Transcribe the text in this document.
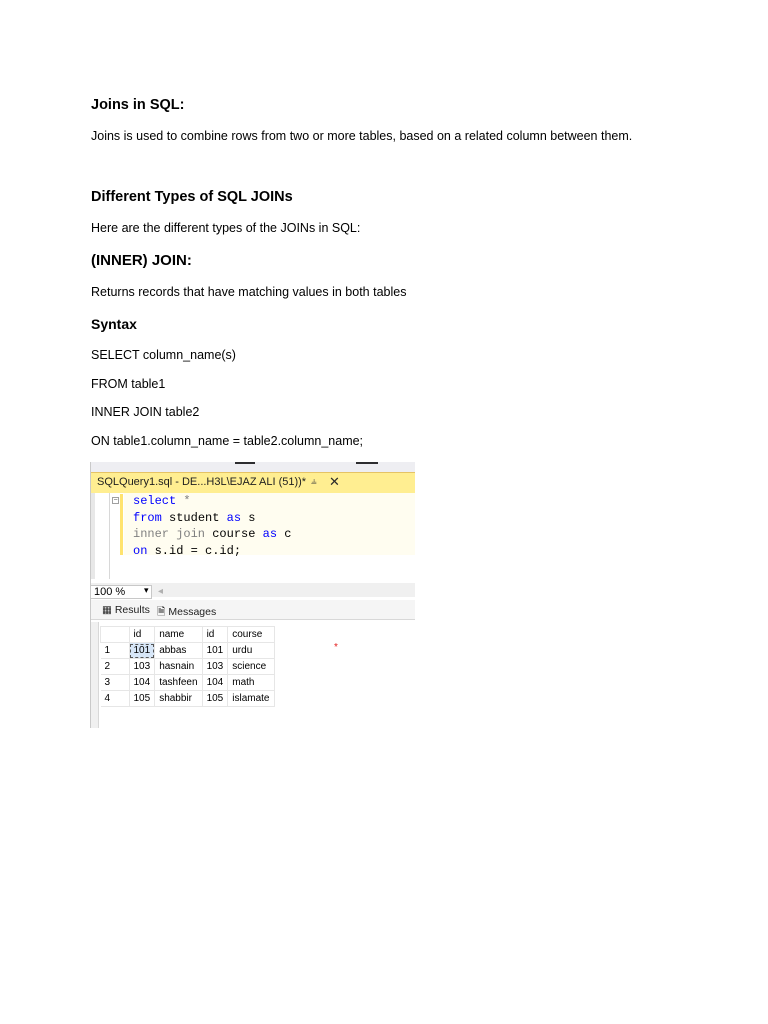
Joins in SQL:
Joins is used to combine rows from two or more tables, based on a related column between them.
Different Types of SQL JOINs
Here are the different types of the JOINs in SQL:
(INNER) JOIN:
Returns records that have matching values in both tables
Syntax
SELECT column_name(s)
FROM table1
INNER JOIN table2
ON table1.column_name = table2.column_name;
SQLQuery1.sql - DE...H3L\EJAZ ALI (51))* ⫨ ✕
− select *
from student as s
inner join course as c
on s.id = c.id;
100 % ▾ ◂
▦ Results 🗎 Messages
	id	name	id	course
1	101	abbas	101	urdu
2	103	hasnain	103	science
3	104	tashfeen	104	math
4	105	shabbir	105	islamate
*
